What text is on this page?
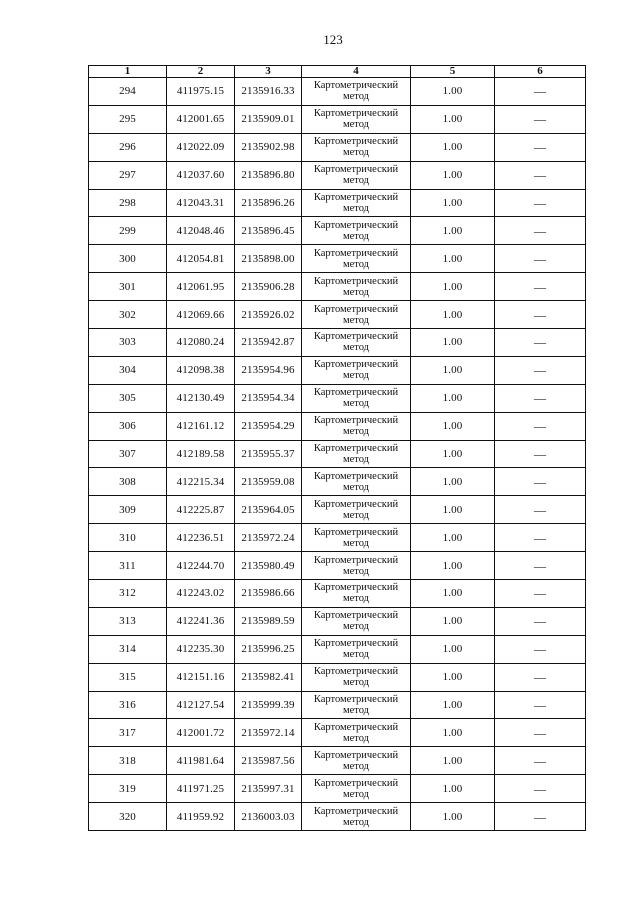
123
1	2	3	4	5	6
294	411975.15	2135916.33	Картометрический метод	1.00	—
295	412001.65	2135909.01	Картометрический метод	1.00	—
296	412022.09	2135902.98	Картометрический метод	1.00	—
297	412037.60	2135896.80	Картометрический метод	1.00	—
298	412043.31	2135896.26	Картометрический метод	1.00	—
299	412048.46	2135896.45	Картометрический метод	1.00	—
300	412054.81	2135898.00	Картометрический метод	1.00	—
301	412061.95	2135906.28	Картометрический метод	1.00	—
302	412069.66	2135926.02	Картометрический метод	1.00	—
303	412080.24	2135942.87	Картометрический метод	1.00	—
304	412098.38	2135954.96	Картометрический метод	1.00	—
305	412130.49	2135954.34	Картометрический метод	1.00	—
306	412161.12	2135954.29	Картометрический метод	1.00	—
307	412189.58	2135955.37	Картометрический метод	1.00	—
308	412215.34	2135959.08	Картометрический метод	1.00	—
309	412225.87	2135964.05	Картометрический метод	1.00	—
310	412236.51	2135972.24	Картометрический метод	1.00	—
311	412244.70	2135980.49	Картометрический метод	1.00	—
312	412243.02	2135986.66	Картометрический метод	1.00	—
313	412241.36	2135989.59	Картометрический метод	1.00	—
314	412235.30	2135996.25	Картометрический метод	1.00	—
315	412151.16	2135982.41	Картометрический метод	1.00	—
316	412127.54	2135999.39	Картометрический метод	1.00	—
317	412001.72	2135972.14	Картометрический метод	1.00	—
318	411981.64	2135987.56	Картометрический метод	1.00	—
319	411971.25	2135997.31	Картометрический метод	1.00	—
320	411959.92	2136003.03	Картометрический метод	1.00	—
